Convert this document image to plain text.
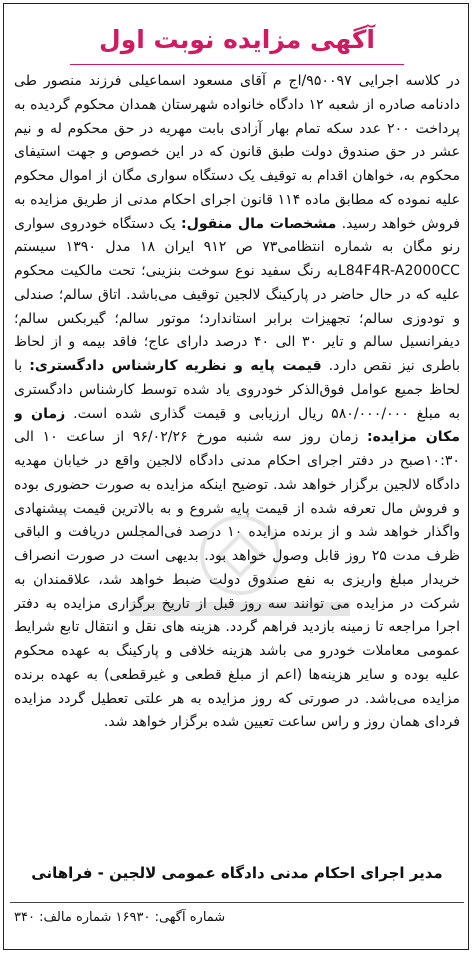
آگهی مزایده نوبت اول
در کلاسه اجرایی ۹۵۰۰۹۷/اج م آقای مسعود اسماعیلی فرزند منصور طی دادنامه صادره از شعبه ۱۲ دادگاه خانواده شهرستان همدان محکوم گردیده به پرداخت ۲۰۰ عدد سکه تمام بهار آزادی بابت مهریه در حق محکوم له و نیم عشر در حق صندوق دولت طبق قانون که در این خصوص و جهت استیفای محکوم به، خواهان اقدام به توقیف یک دستگاه سواری مگان از اموال محکوم علیه نموده که مطابق ماده ۱۱۴ قانون اجرای احکام مدنی از طریق مزایده به فروش خواهد رسید. مشخصات مال منقول: یک دستگاه خودروی سواری رنو مگان به شماره انتظامی۷۳ ص ۹۱۲ ایران ۱۸ مدل ۱۳۹۰ سیستم L84F4R-A2000CCبه رنگ سفید نوع سوخت بنزینی؛ تحت مالکیت محکوم علیه که در حال حاضر در پارکینگ لالجین توقیف می‌باشد. اتاق سالم؛ صندلی و تودوزی سالم؛ تجهیزات برابر استاندارد؛ موتور سالم؛ گیربکس سالم؛ دیفرانسیل سالم و تایر ۳۰ الی ۴۰ درصد دارای عاج؛ فاقد بیمه و از لحاظ باطری نیز نقص دارد. قیمت پایه و نظریه کارشناس دادگستری: با لحاظ جمیع عوامل فوق‌الذکر خودروی یاد شده توسط کارشناس دادگستری به مبلغ ۵۸۰/۰۰۰/۰۰۰ ریال ارزیابی و قیمت گذاری شده است. زمان و مکان مزایده: زمان روز سه شنبه مورخ ۹۶/۰۲/۲۶ از ساعت ۱۰ الی ۱۰:۳۰صبح در دفتر اجرای احکام مدنی دادگاه لالجین واقع در خیابان مهدیه دادگاه لالجین برگزار خواهد شد. توضیح اینکه مزایده به صورت حضوری بوده و فروش مال تعرفه شده از قیمت پایه شروع و به بالاترین قیمت پیشنهادی واگذار خواهد شد و از برنده مزایده ۱۰ درصد فی‌المجلس دریافت و الباقی ظرف مدت ۲۵ روز قابل وصول خواهد بود. بدیهی است در صورت انصراف خریدار مبلغ واریزی به نفع صندوق دولت ضبط خواهد شد، علاقمندان به شرکت در مزایده می توانند سه روز قبل از تاریخ برگزاری مزایده به دفتر اجرا مراجعه تا زمینه بازدید فراهم گردد. هزینه های نقل و انتقال تابع شرایط عمومی معاملات خودرو می باشد هزینه خلافی و پارکینگ به عهده محکوم علیه بوده و سایر هزینه‌ها (اعم از مبلغ قطعی و غیرقطعی) به عهده برنده مزایده می‌باشد. در صورتی که روز مزایده به هر علتی تعطیل گردد مزایده فردای همان روز و راس ساعت تعیین شده برگزار خواهد شد.
مدیر اجرای احکام مدنی دادگاه عمومی لالجین - فراهانی
شماره آگهی: ۱۶۹۳۰ شماره مالف: ۳۴۰
